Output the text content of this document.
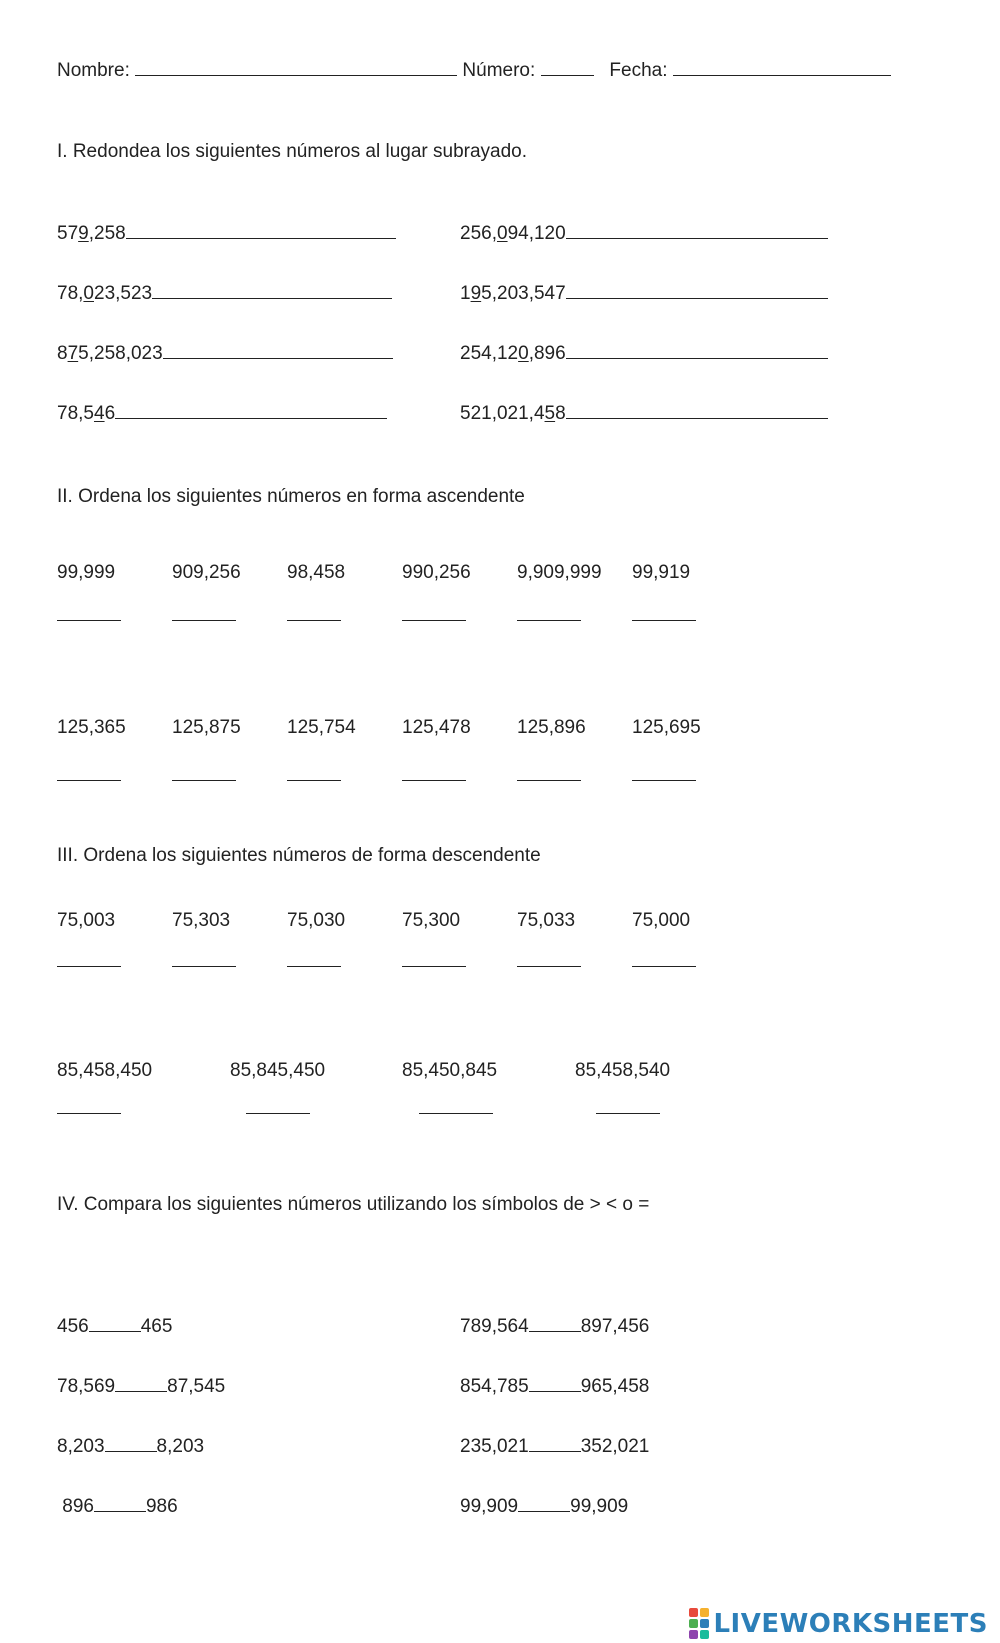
Nombre:	Número:	Fecha:
I. Redondea los siguientes números al lugar subrayado.
579,258	256,094,120
78,023,523	195,203,547
875,258,023	254,120,896
78,546	521,021,458
II. Ordena los siguientes números en forma ascendente
99,999	909,256 98,458	990,256 9,909,999 99,919
125,365 125,875 125,754 125,478 125,896 125,695
III. Ordena los siguientes números de forma descendente
75,003	75,303	75,030	75,300	75,033	75,000
85,458,450	85,845,450	85,450,845	85,458,540
IV. Compara los siguientes números utilizando los símbolos de > < o =
456	465	789,564	897,456
78,569	87,545	854,785	965,458
8,203	8,203	235,021	352,021
896	986	99,909	99,909
LIVEWORKSHEETS
